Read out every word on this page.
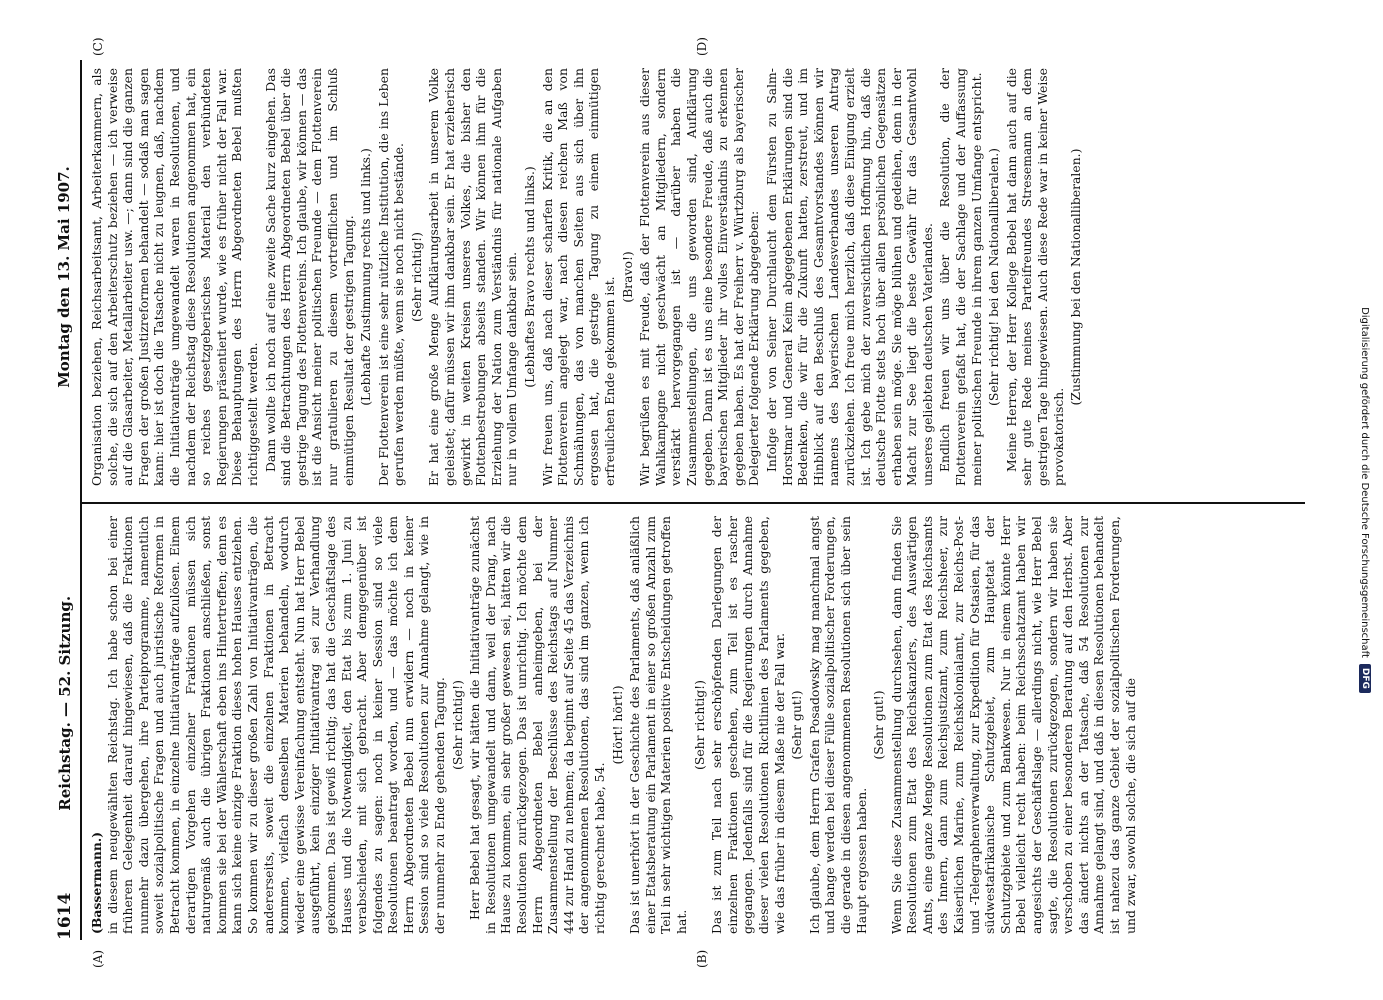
Digitalisierung gefördert durch die Deutsche Forschungsgemeinschaft
DFG
1614
Reichstag. — 52. Sitzung.
Montag den 13. Mai 1907.
(A)	(B)
(C)	(D)
(Bassermann.) in diesem neugewählten Reichstag. Ich habe schon bei einer früheren Gelegenheit darauf hingewiesen, daß die Fraktionen nunmehr dazu übergehen, ihre Parteiprogramme, namentlich soweit sozialpolitische Fragen und auch juristische Reformen in Betracht kommen, in einzelne Initiativanträge aufzulösen. Einem derartigen Vorgehen einzelner Fraktionen müssen sich naturgemäß auch die übrigen Fraktionen anschließen, sonst kommen sie bei der Wählerschaft eben ins Hintertreffen; denn es kann sich keine einzige Fraktion dieses hohen Hauses entziehen. So kommen wir zu dieser großen Zahl von Initiativanträgen, die andererseits, soweit die einzelnen Fraktionen in Betracht kommen, vielfach denselben Materien behandeln, wodurch wieder eine gewisse Vereinfachung entsteht. Nun hat Herr Bebel ausgeführt, kein einziger Initiativantrag sei zur Verhandlung gekommen. Das ist gewiß richtig; das hat die Geschäftslage des Hauses und die Notwendigkeit, den Etat bis zum 1. Juni zu verabschieden, mit sich gebracht. Aber demgegenüber ist folgendes zu sagen: noch in keiner Session sind so viele Resolutionen beantragt worden, und — das möchte ich dem Herrn Abgeordneten Bebel nun erwidern — noch in keiner Session sind so viele Resolutionen zur Annahme gelangt, wie in der nunmehr zu Ende gehenden Tagung. (Sehr richtig!) Herr Bebel hat gesagt, wir hätten die Initiativanträge zunächst in Resolutionen umgewandelt und dann, weil der Drang, nach Hause zu kommen, ein sehr großer gewesen sei, hätten wir die Resolutionen zurückgezogen. Das ist unrichtig. Ich möchte dem Herrn Abgeordneten Bebel anheimgeben, bei der Zusammenstellung der Beschlüsse des Reichstags auf Nummer 444 zur Hand zu nehmen; da beginnt auf Seite 45 das Verzeichnis der angenommenen Resolutionen, das sind im ganzen, wenn ich richtig gerechnet habe, 54.

(Hört! hört!) Das ist unerhört in der Geschichte des Parlaments, daß anläßlich einer Etatsberatung ein Parlament in einer so großen Anzahl zum Teil in sehr wichtigen Materien positive Entscheidungen getroffen hat.

(Sehr richtig!) Das ist zum Teil nach sehr erschöpfenden Darlegungen der einzelnen Fraktionen geschehen, zum Teil ist es rascher gegangen. Jedenfalls sind für die Regierungen durch Annahme dieser vielen Resolutionen Richtlinien des Parlaments gegeben, wie das früher in diesem Maße nie der Fall war. (Sehr gut!) Ich glaube, dem Herrn Grafen Posadowsky mag manchmal angst und bange werden bei dieser Fülle sozialpolitischer Forderungen, die gerade in diesen angenommenen Resolutionen sich über sein Haupt ergossen haben.

(Sehr gut!) Wenn Sie diese Zusammenstellung durchsehen, dann finden Sie Resolutionen zum Etat des Reichskanzlers, des Auswärtigen Amts, eine ganze Menge Resolutionen zum Etat des Reichsamts des Innern, dann zum Reichsjustizamt, zum Reichsheer, zur Kaiserlichen Marine, zum Reichskolonialamt, zur Reichs-Post- und -Telegraphenverwaltung, zur Expedition für Ostasien, für das südwestafrikanische Schutzgebiet, zum Hauptetat der Schutzgebiete und zum Bankwesen. Nur in einem könnte Herr Bebel vielleicht recht haben: beim Reichsschatzamt haben wir angesichts der Geschäftslage — allerdings nicht, wie Herr Bebel sagte, die Resolutionen zurückgezogen, sondern wir haben sie verschoben zu einer besonderen Beratung auf den Herbst. Aber das ändert nichts an der Tatsache, daß 54 Resolutionen zur Annahme gelangt sind, und daß in diesen Resolutionen behandelt ist nahezu das ganze Gebiet der sozialpolitischen Forderungen, und zwar, sowohl solche, die sich auf die

Organisation beziehen, Reichsarbeitsamt, Arbeiterkammern, als solche, die sich auf den Arbeiterschutz beziehen — ich verweise auf die Glasarbeiter, Metallarbeiter usw. —; dann sind die ganzen Fragen der großen Justizreformen behandelt — sodaß man sagen kann: hier ist doch die Tatsache nicht zu leugnen, daß, nachdem die Initiativanträge umgewandelt waren in Resolutionen, und nachdem der Reichstag diese Resolutionen angenommen hat, ein so reiches gesetzgeberisches Material den verbündeten Regierungen präsentiert wurde, wie es früher nicht der Fall war. Diese Behauptungen des Herrn Abgeordneten Bebel mußten richtiggestellt werden. Dann wollte ich noch auf eine zweite Sache kurz eingehen. Das sind die Betrachtungen des Herrn Abgeordneten Bebel über die gestrige Tagung des Flottenvereins. Ich glaube, wir können — das ist die Ansicht meiner politischen Freunde — dem Flottenverein nur gratulieren zu diesem vortrefflichen und im Schluß einmütigen Resultat der gestrigen Tagung. (Lebhafte Zustimmung rechts und links.) Der Flottenverein ist eine sehr nützliche Institution, die ins Leben gerufen werden müßte, wenn sie noch nicht bestände. (Sehr richtig!) Er hat eine große Menge Aufklärungsarbeit in unserem Volke geleistet; dafür müssen wir ihm dankbar sein. Er hat erzieherisch gewirkt in weiten Kreisen unseres Volkes, die bisher den Flottenbestrebungen abseits standen. Wir können ihm für die Erziehung der Nation zum Verständnis für nationale Aufgaben nur in vollem Umfange dankbar sein. (Lebhaftes Bravo rechts und links.) Wir freuen uns, daß nach dieser scharfen Kritik, die an den Flottenverein angelegt war, nach diesen reichen Maß von Schmähungen, das von manchen Seiten aus sich über ihn ergossen hat, die gestrige Tagung zu einem einmütigen erfreulichen Ende gekommen ist. (Bravo!) Wir begrüßen es mit Freude, daß der Flottenverein aus dieser Wahlkampagne nicht geschwächt an Mitgliedern, sondern verstärkt hervorgegangen ist — darüber haben die Zusammenstellungen, die uns geworden sind, Aufklärung gegeben. Dann ist es uns eine besondere Freude, daß auch die bayerischen Mitglieder ihr volles Einverständnis zu erkennen gegeben haben. Es hat der Freiherr v. Würtzburg als bayerischer Delegierter folgende Erklärung abgegeben: Infolge der von Seiner Durchlaucht dem Fürsten zu Salm-Horstmar und General Keim abgegebenen Erklärungen sind die Bedenken, die wir für die Zukunft hatten, zerstreut, und im Hinblick auf den Beschluß des Gesamtvorstandes können wir namens des bayerischen Landesverbandes unseren Antrag zurückziehen. Ich freue mich herzlich, daß diese Einigung erzielt ist. Ich gebe mich der zuversichtlichen Hoffnung hin, daß die deutsche Flotte stets hoch über allen persönlichen Gegensätzen erhaben sein möge. Sie möge blühen und gedeihen, denn in der Macht zur See liegt die beste Gewähr für das Gesamtwohl unseres geliebten deutschen Vaterlandes. Endlich freuen wir uns über die Resolution, die der Flottenverein gefaßt hat, die der Sachlage und der Auffassung meiner politischen Freunde in ihrem ganzen Umfange entspricht. (Sehr richtig! bei den Nationalliberalen.) Meine Herren, der Herr Kollege Bebel hat dann auch auf die sehr gute Rede meines Parteifreundes Stresemann an dem gestrigen Tage hingewiesen. Auch diese Rede war in keiner Weise provokatorisch.

(Zustimmung bei den Nationalliberalen.)
